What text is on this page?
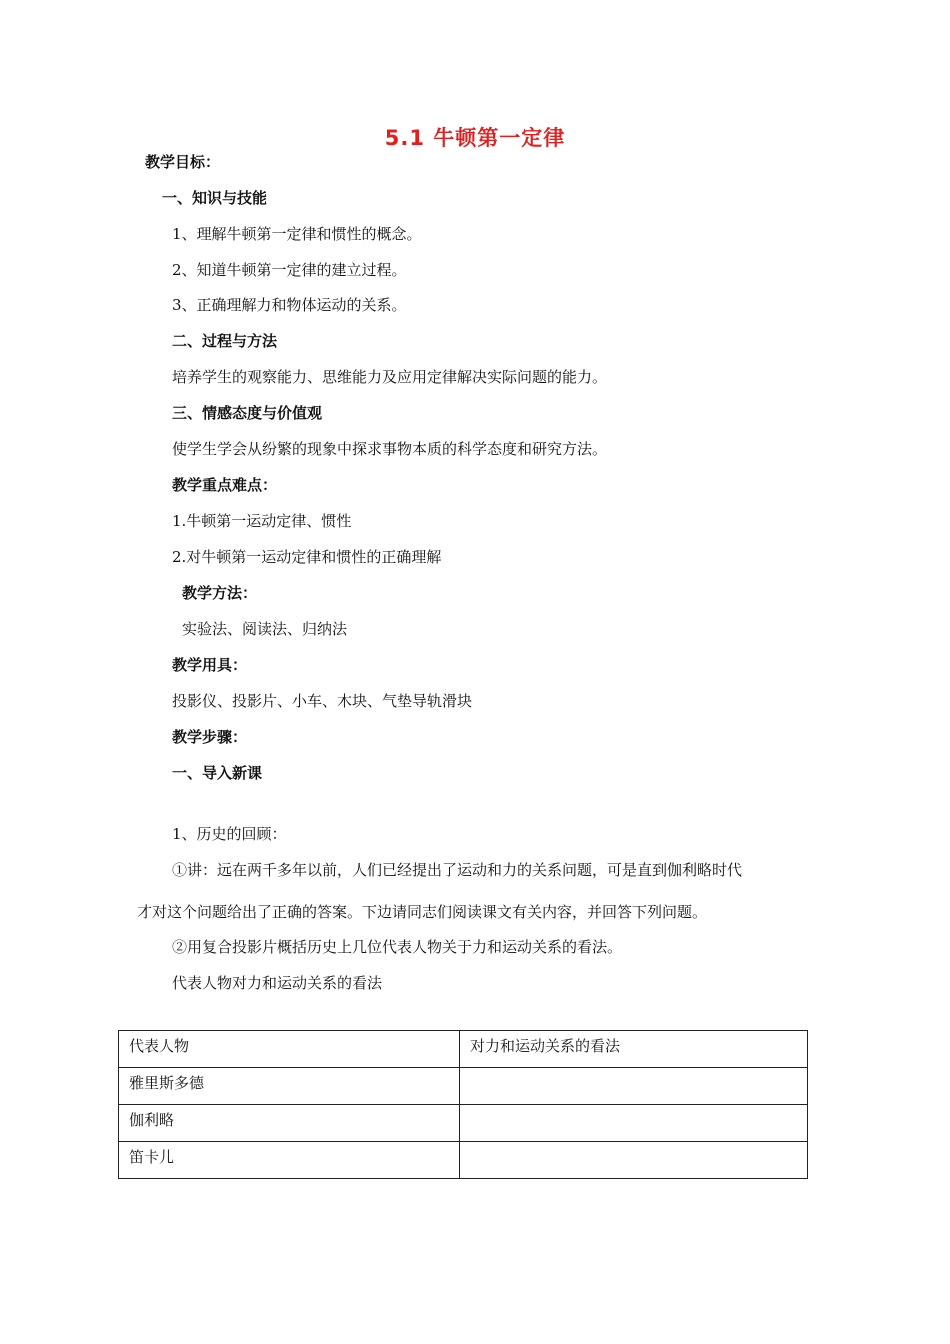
5.1 牛顿第一定律
教学目标：
一、知识与技能
1、理解牛顿第一定律和惯性的概念。
2、知道牛顿第一定律的建立过程。
3、正确理解力和物体运动的关系。
二、过程与方法
培养学生的观察能力、思维能力及应用定律解决实际问题的能力。
三、情感态度与价值观
使学生学会从纷繁的现象中探求事物本质的科学态度和研究方法。
教学重点难点：
1.牛顿第一运动定律、惯性
2.对牛顿第一运动定律和惯性的正确理解
教学方法：
实验法、阅读法、归纳法
教学用具：
投影仪、投影片、小车、木块、气垫导轨滑块
教学步骤：
一、导入新课
1、历史的回顾：
①讲：远在两千多年以前，人们已经提出了运动和力的关系问题，可是直到伽利略时代
才对这个问题给出了正确的答案。下边请同志们阅读课文有关内容，并回答下列问题。
②用复合投影片概括历史上几位代表人物关于力和运动关系的看法。
代表人物对力和运动关系的看法
代表人物	对力和运动关系的看法
雅里斯多德	
伽利略	
笛卡儿	
